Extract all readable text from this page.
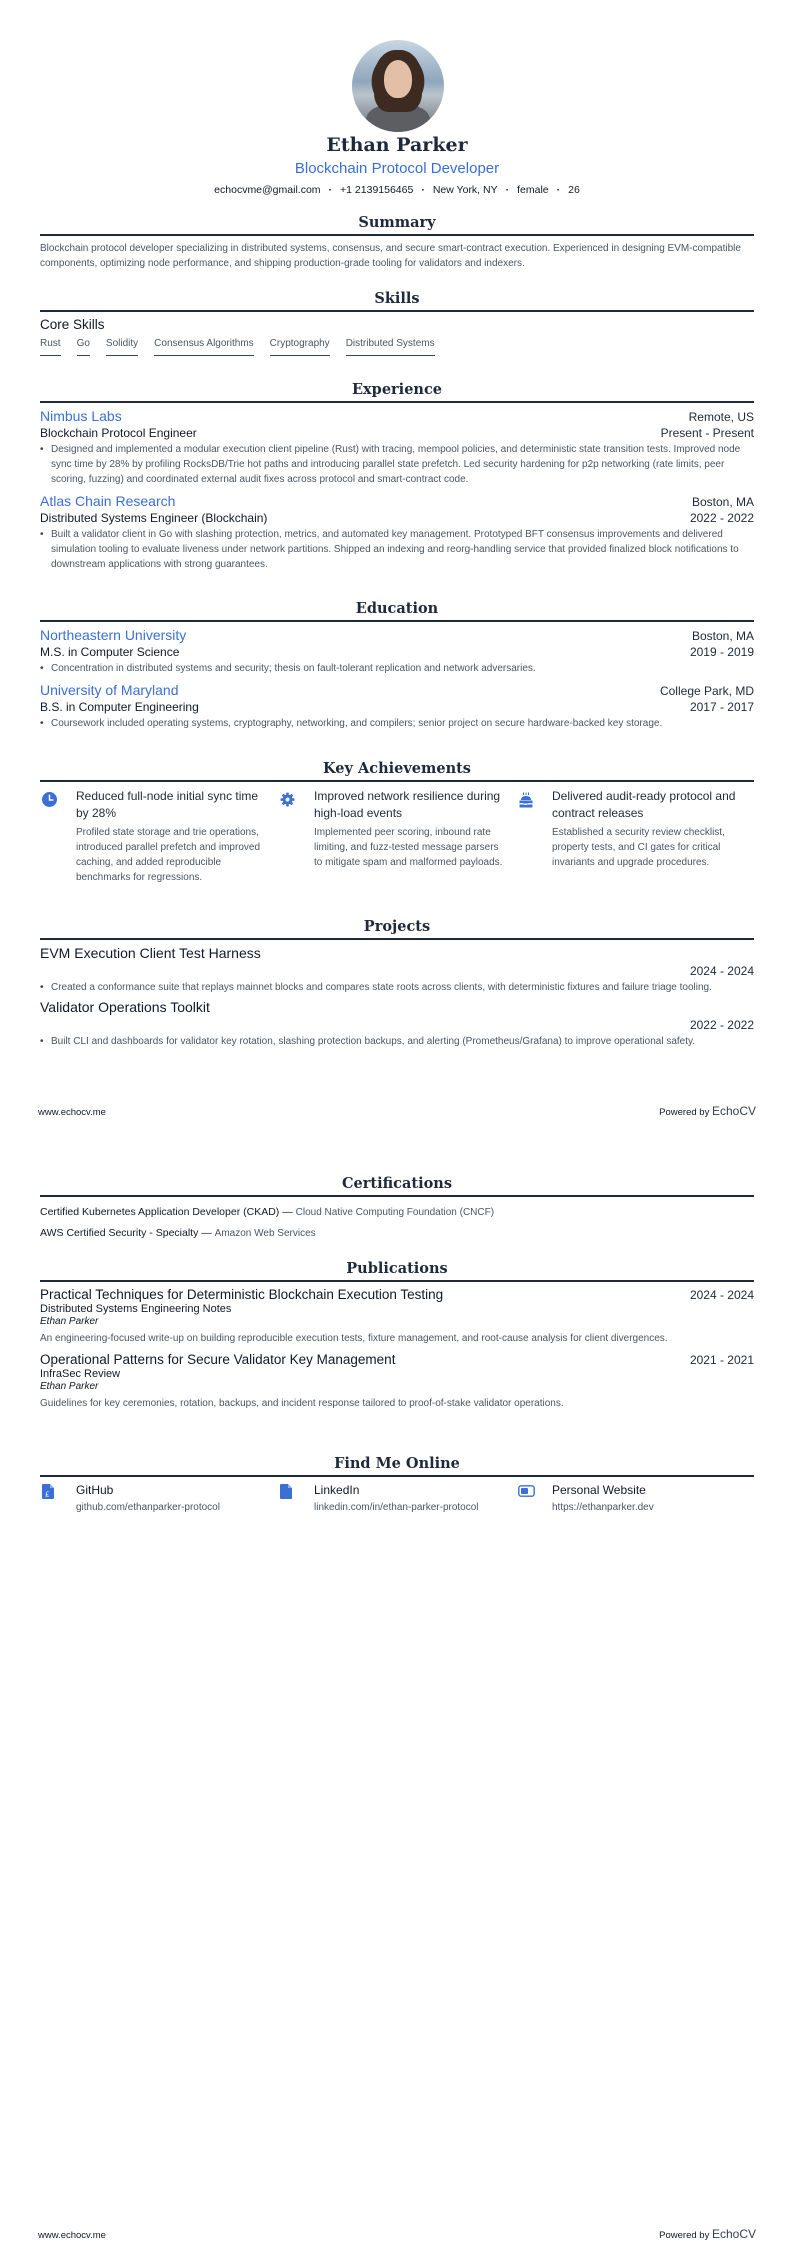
Ethan Parker
Blockchain Protocol Developer
echocvme@gmail.com · +1 2139156465 · New York, NY · female · 26
Summary
Blockchain protocol developer specializing in distributed systems, consensus, and secure smart-contract execution. Experienced in designing EVM-compatible components, optimizing node performance, and shipping production-grade tooling for validators and indexers.
Skills
Core Skills
Rust Go Solidity Consensus Algorithms Cryptography Distributed Systems
Experience
Nimbus Labs	Remote, US
Blockchain Protocol Engineer	Present - Present
• Designed and implemented a modular execution client pipeline (Rust) with tracing, mempool policies, and deterministic state transition tests. Improved node sync time by 28% by profiling RocksDB/Trie hot paths and introducing parallel state prefetch. Led security hardening for p2p networking (rate limits, peer scoring, fuzzing) and coordinated external audit fixes across protocol and smart-contract code.
Atlas Chain Research	Boston, MA
Distributed Systems Engineer (Blockchain)	2022 - 2022
• Built a validator client in Go with slashing protection, metrics, and automated key management. Prototyped BFT consensus improvements and delivered simulation tooling to evaluate liveness under network partitions. Shipped an indexing and reorg-handling service that provided finalized block notifications to downstream applications with strong guarantees.
Education
Northeastern University	Boston, MA
M.S. in Computer Science	2019 - 2019
• Concentration in distributed systems and security; thesis on fault-tolerant replication and network adversaries.
University of Maryland	College Park, MD
B.S. in Computer Engineering	2017 - 2017
• Coursework included operating systems, cryptography, networking, and compilers; senior project on secure hardware-backed key storage.
Key Achievements
Reduced full-node initial sync time by 28%
Profiled state storage and trie operations, introduced parallel prefetch and improved caching, and added reproducible benchmarks for regressions.
Improved network resilience during high-load events
Implemented peer scoring, inbound rate limiting, and fuzz-tested message parsers to mitigate spam and malformed payloads.
Delivered audit-ready protocol and contract releases
Established a security review checklist, property tests, and CI gates for critical invariants and upgrade procedures.
Projects
EVM Execution Client Test Harness
2024 - 2024
• Created a conformance suite that replays mainnet blocks and compares state roots across clients, with deterministic fixtures and failure triage tooling.
Validator Operations Toolkit
2022 - 2022
• Built CLI and dashboards for validator key rotation, slashing protection backups, and alerting (Prometheus/Grafana) to improve operational safety.
www.echocv.me	Powered by EchoCV
Certifications
Certified Kubernetes Application Developer (CKAD) — Cloud Native Computing Foundation (CNCF)
AWS Certified Security - Specialty — Amazon Web Services
Publications
Practical Techniques for Deterministic Blockchain Execution Testing	2024 - 2024
Distributed Systems Engineering Notes
Ethan Parker
An engineering-focused write-up on building reproducible execution tests, fixture management, and root-cause analysis for client divergences.
Operational Patterns for Secure Validator Key Management	2021 - 2021
InfraSec Review
Ethan Parker
Guidelines for key ceremonies, rotation, backups, and incident response tailored to proof-of-stake validator operations.
Find Me Online
£ GitHub
github.com/ethanparker-protocol
LinkedIn
linkedin.com/in/ethan-parker-protocol
Personal Website
https://ethanparker.dev
www.echocv.me	Powered by EchoCV
